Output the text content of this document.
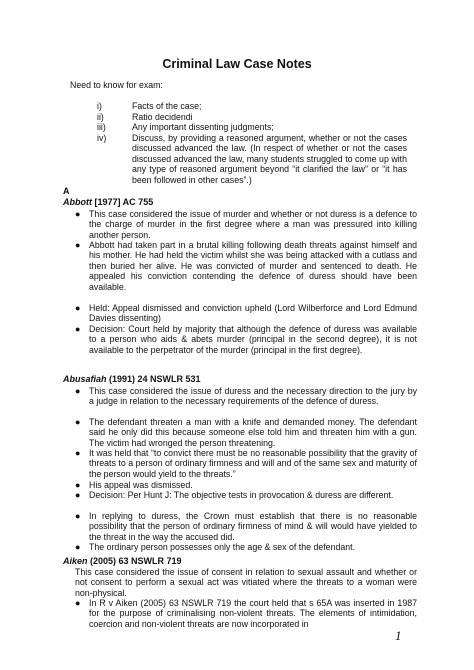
Criminal Law Case Notes
Need to know for exam:
i)	Facts of the case;
ii)	Ratio decidendi
iii)	Any important dissenting judgments;
iv)	Discuss, by providing a reasoned argument, whether or not the cases discussed advanced the law. (In respect of whether or not the cases discussed advanced the law, many students struggled to come up with any type of reasoned argument beyond “it clarified the law” or “it has been followed in other cases”.)
A
Abbott [1977] AC 755
● This case considered the issue of murder and whether or not duress is a defence to the charge of murder in the first degree where a man was pressured into killing another person.
● Abbott had taken part in a brutal killing following death threats against himself and his mother. He had held the victim whilst she was being attacked with a cutlass and then buried her alive. He was convicted of murder and sentenced to death. He appealed his conviction contending the defence of duress should have been available.
● Held: Appeal dismissed and conviction upheld (Lord Wilberforce and Lord Edmund Davies dissenting)
● Decision: Court held by majority that although the defence of duress was available to a person who aids & abets murder (principal in the second degree), it is not available to the perpetrator of the murder (principal in the first degree).
Abusafiah (1991) 24 NSWLR 531
● This case considered the issue of duress and the necessary direction to the jury by a judge in relation to the necessary requirements of the defence of duress.
● The defendant threaten a man with a knife and demanded money. The defendant said he only did this because someone else told him and threaten him with a gun. The victim had wronged the person threatening.
● It was held that “to convict there must be no reasonable possibility that the gravity of threats to a person of ordinary firmness and will and of the same sex and maturity of the person would yield to the threats.”
● His appeal was dismissed.
● Decision: Per Hunt J: The objective tests in provocation & duress are different.
● In replying to duress, the Crown must establish that there is no reasonable possibility that the person of ordinary firmness of mind & will would have yielded to the threat in the way the accused did.
● The ordinary person possesses only the age & sex of the defendant.
Aiken (2005) 63 NSWLR 719
This case considered the issue of consent in relation to sexual assault and whether or not consent to perform a sexual act was vitiated where the threats to a woman were non-physical.
● In R v Aiken (2005) 63 NSWLR 719 the court held that s 65A was inserted in 1987 for the purpose of criminalising non-violent threats. The elements of intimidation, coercion and non-violent threats are now incorporated in
1
